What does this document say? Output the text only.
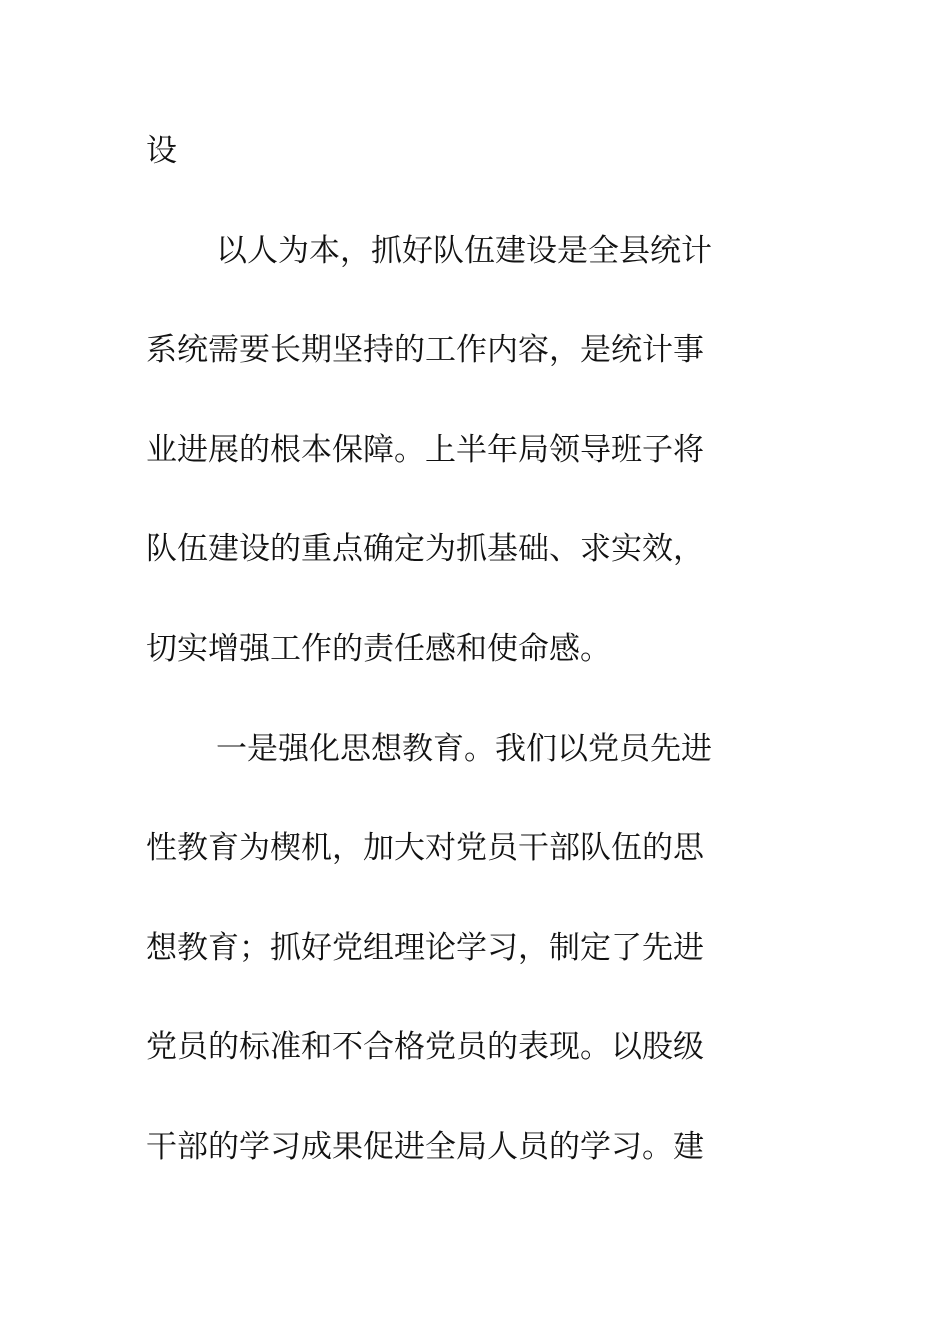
设
以人为本，抓好队伍建设是全县统计
系统需要长期坚持的工作内容，是统计事
业进展的根本保障。上半年局领导班子将
队伍建设的重点确定为抓基础、求实效，
切实增强工作的责任感和使命感。
一是强化思想教育。我们以党员先进
性教育为楔机，加大对党员干部队伍的思
想教育；抓好党组理论学习，制定了先进
党员的标准和不合格党员的表现。以股级
干部的学习成果促进全局人员的学习。建
